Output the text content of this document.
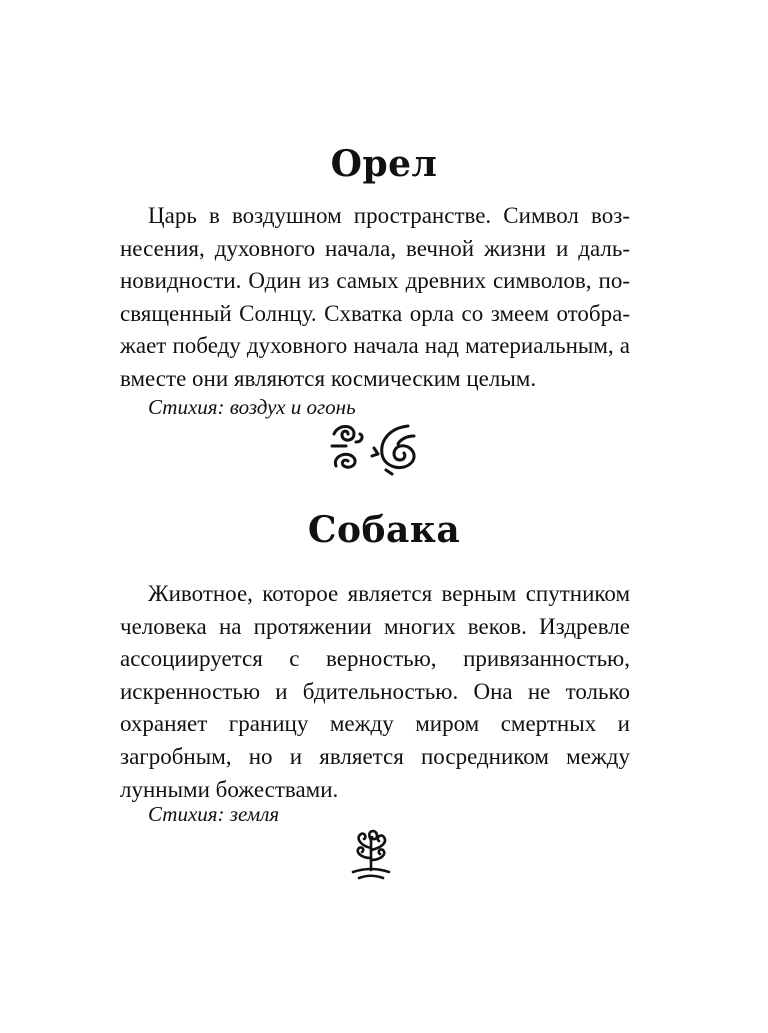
Орел

Царь в воздушном пространстве. Символ вознесения, духовного начала, вечной жизни и дальновидности. Один из самых древних символов, посвященный Солнцу. Схватка орла со змеем отображает победу духовного начала над материальным, а вместе они являются космическим целым.

Стихия: воздух и огонь

Собака

Животное, которое является верным спутником человека на протяжении многих веков. Издревле ассоциируется с верностью, привязанностью, искренностью и бдительностью. Она не только охраняет границу между миром смертных и загробным, но и является посредником между лунными божествами.

Стихия: земля
